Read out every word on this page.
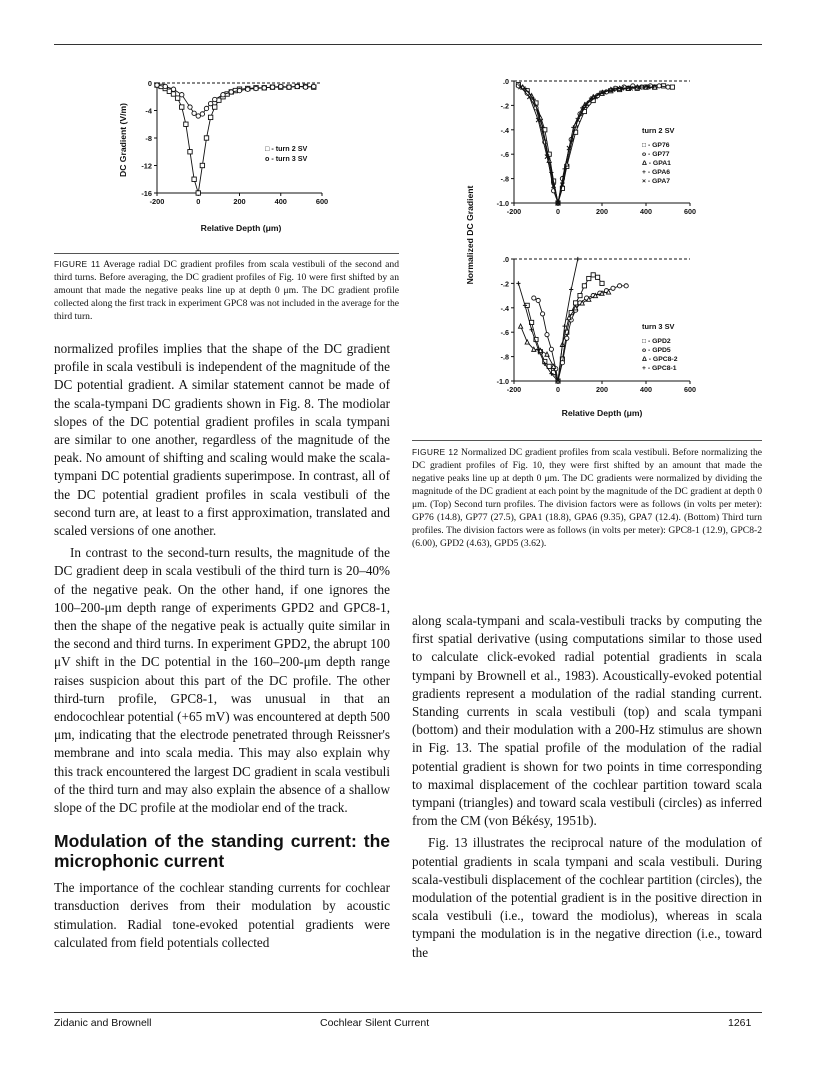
-200	0	200	400	600
0
-4
-8
-12
-16
DC Gradient (V/m)
Relative Depth (μm)
□ - turn 2 SV
o - turn 3 SV
FIGURE 11 Average radial DC gradient profiles from scala vestibuli of the second and third turns. Before averaging, the DC gradient profiles of Fig. 10 were first shifted by an amount that made the negative peaks line up at depth 0 μm. The DC gradient profile collected along the first track in experiment GPC8 was not included in the average for the third turn.
-200	0	200	400	600
.0
-.2
-.4
-.6
-.8
-1.0
-200	0	200	400	600
.0
-.2
-.4
-.6
-.8
-1.0
Normalized DC Gradient
Relative Depth (μm)
turn 2 SV
□ - GP76
o - GP77
Δ - GPA1
+ - GPA6
× - GPA7
turn 3 SV
□ - GPD2
o - GPD5
Δ - GPC8-2
+ - GPC8-1
FIGURE 12 Normalized DC gradient profiles from scala vestibuli. Before normalizing the DC gradient profiles of Fig. 10, they were first shifted by an amount that made the negative peaks line up at depth 0 μm. The DC gradients were normalized by dividing the magnitude of the DC gradient at each point by the magnitude of the DC gradient at depth 0 μm. (Top) Second turn profiles. The division factors were as follows (in volts per meter): GP76 (14.8), GP77 (27.5), GPA1 (18.8), GPA6 (9.35), GPA7 (12.4). (Bottom) Third turn profiles. The division factors were as follows (in volts per meter): GPC8-1 (12.9), GPC8-2 (6.00), GPD2 (4.63), GPD5 (3.62).

normalized profiles implies that the shape of the DC gradient profile in scala vestibuli is independent of the magnitude of the DC potential gradient. A similar statement cannot be made of the scala-tympani DC gradients shown in Fig. 8. The modiolar slopes of the DC potential gradient profiles in scala tympani are similar to one another, regardless of the magnitude of the peak. No amount of shifting and scaling would make the scala-tympani DC potential gradients superimpose. In contrast, all of the DC potential gradient profiles in scala vestibuli of the second turn are, at least to a first approximation, translated and scaled versions of one another.

In contrast to the second-turn results, the magnitude of the DC gradient deep in scala vestibuli of the third turn is 20–40% of the negative peak. On the other hand, if one ignores the 100–200-μm depth range of experiments GPD2 and GPC8-1, then the shape of the negative peak is actually quite similar in the second and third turns. In experiment GPD2, the abrupt 100 μV shift in the DC potential in the 160–200-μm depth range raises suspicion about this part of the DC profile. The other third-turn profile, GPC8-1, was unusual in that an endocochlear potential (+65 mV) was encountered at depth 500 μm, indicating that the electrode penetrated through Reissner's membrane and into scala media. This may also explain why this track encountered the largest DC gradient in scala vestibuli of the third turn and may also explain the absence of a shallow slope of the DC profile at the modiolar end of the track.

Modulation of the standing current: the microphonic current

The importance of the cochlear standing currents for cochlear transduction derives from their modulation by acoustic stimulation. Radial tone-evoked potential gradients were calculated from field potentials collected

along scala-tympani and scala-vestibuli tracks by computing the first spatial derivative (using computations similar to those used to calculate click-evoked radial potential gradients in scala tympani by Brownell et al., 1983). Acoustically-evoked potential gradients represent a modulation of the radial standing current. Standing currents in scala vestibuli (top) and scala tympani (bottom) and their modulation with a 200-Hz stimulus are shown in Fig. 13. The spatial profile of the modulation of the radial potential gradient is shown for two points in time corresponding to maximal displacement of the cochlear partition toward scala tympani (triangles) and toward scala vestibuli (circles) as inferred from the CM (von Békésy, 1951b).

Fig. 13 illustrates the reciprocal nature of the modulation of potential gradients in scala tympani and scala vestibuli. During scala-vestibuli displacement of the cochlear partition (circles), the modulation of the potential gradient is in the positive direction in scala vestibuli (i.e., toward the modiolus), whereas in scala tympani the modulation is in the negative direction (i.e., toward the

Zidanic and Brownell	Cochlear Silent Current	1261
